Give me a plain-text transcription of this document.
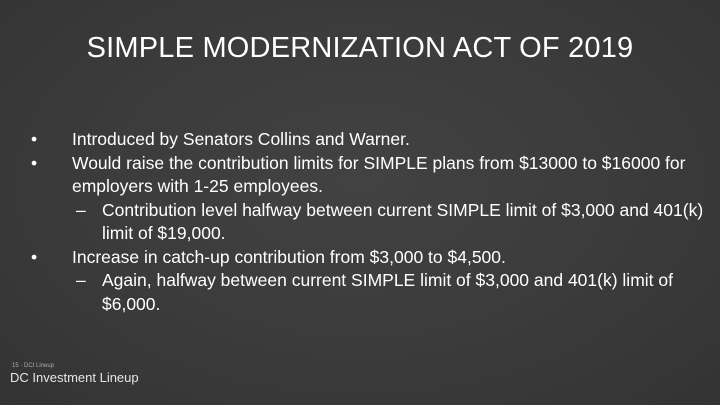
SIMPLE MODERNIZATION ACT OF 2019
• Introduced by Senators Collins and Warner.
• Would raise the contribution limits for SIMPLE plans from $13000 to $16000 for employers with 1-25 employees.
– Contribution level halfway between current SIMPLE limit of $3,000 and 401(k) limit of $19,000.
• Increase in catch-up contribution from $3,000 to $4,500.
– Again, halfway between current SIMPLE limit of $3,000 and 401(k) limit of $6,000.
15 · DCI Lineup
DC Investment Lineup
